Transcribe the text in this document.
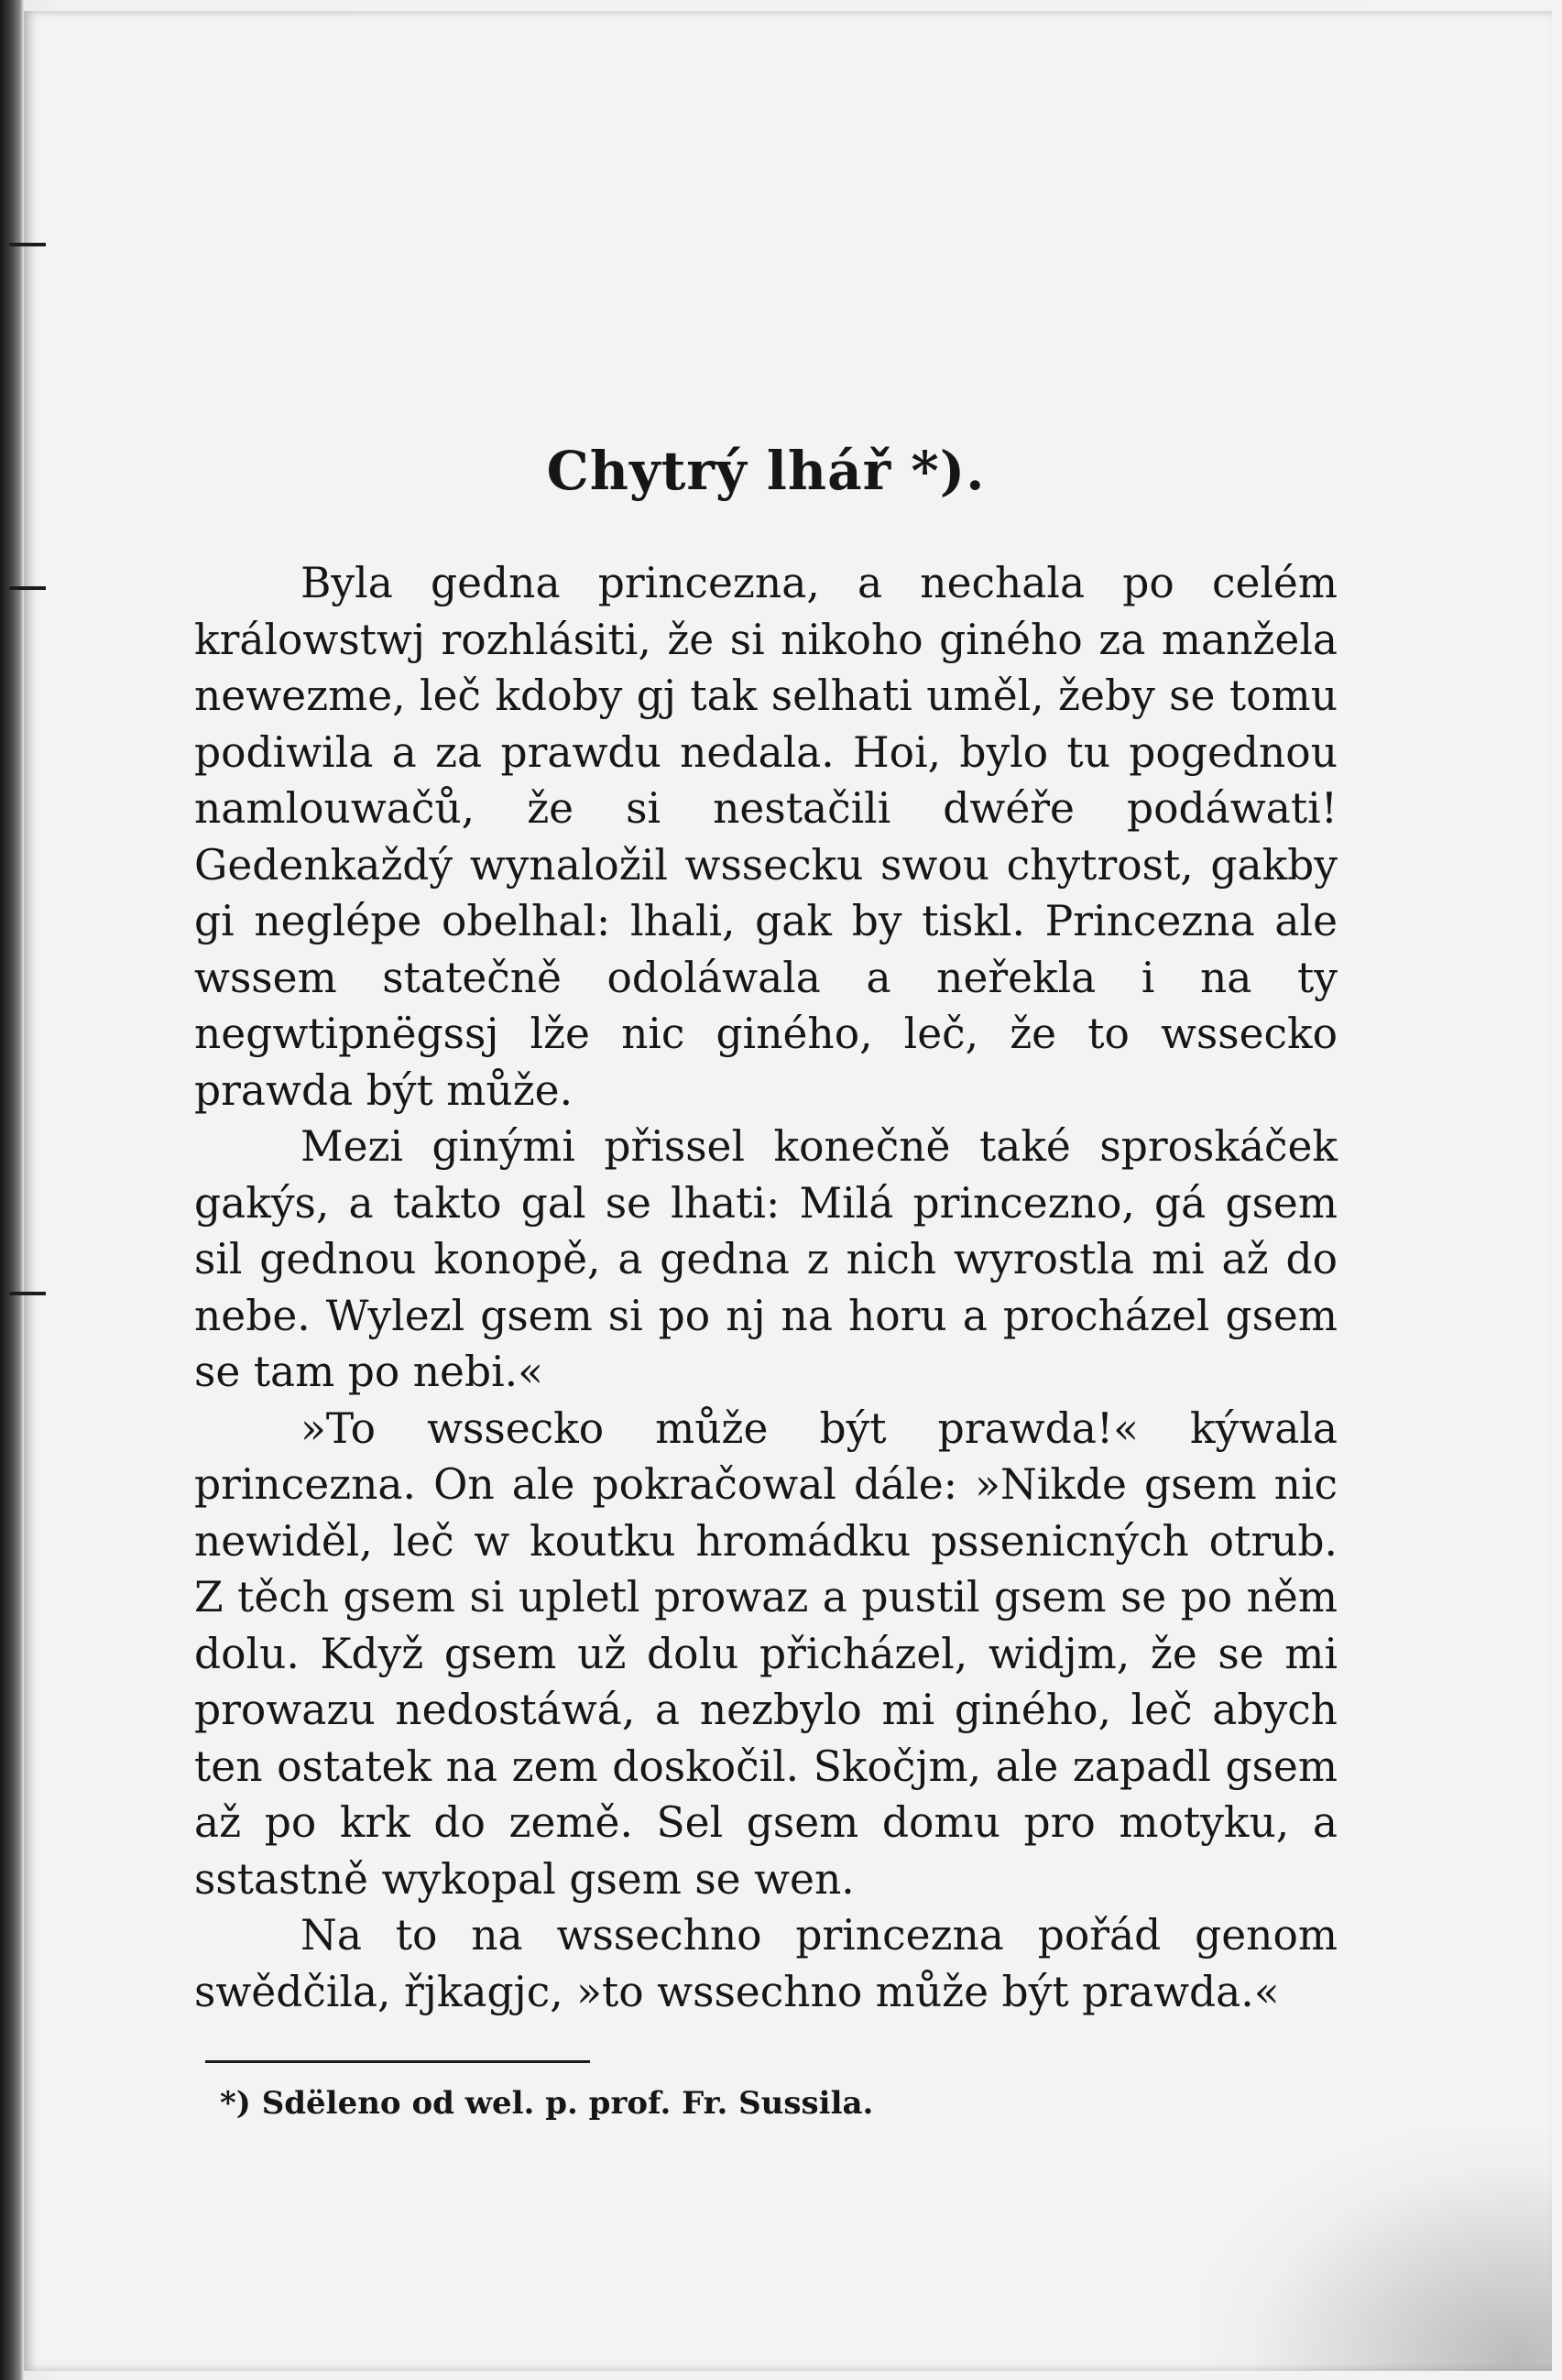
Chytrý lhář *).

Byla gedna princezna, a nechala po celém králowstwj rozhlásiti, že si nikoho giného za manžela newezme, leč kdoby gj tak selhati uměl, žeby se tomu podiwila a za prawdu nedala. Hoi, bylo tu pogednou namlouwačů, že si nestačili dwéře podáwati! Gedenkaždý wynaložil wssecku swou chytrost, gakby gi neglépe obelhal: lhali, gak by tiskl. Princezna ale wssem statečně odoláwala a neřekla i na ty negwtipnëgssj lže nic giného, leč, že to wssecko prawda být může.

Mezi ginými přissel konečně také sproskáček gakýs, a takto gal se lhati: Milá princezno, gá gsem sil gednou konopě, a gedna z nich wyrostla mi až do nebe. Wylezl gsem si po nj na horu a procházel gsem se tam po nebi.«

»To wssecko může být prawda!« kýwala princezna. On ale pokračowal dále: »Nikde gsem nic newiděl, leč w koutku hromádku pssenicných otrub. Z těch gsem si upletl prowaz a pustil gsem se po něm dolu. Když gsem už dolu přicházel, widjm, že se mi prowazu nedostáwá, a nezbylo mi giného, leč abych ten ostatek na zem doskočil. Skočjm, ale zapadl gsem až po krk do země. Sel gsem domu pro motyku, a sstastně wykopal gsem se wen.

Na to na wssechno princezna pořád genom swědčila, řjkagjc, »to wssechno může být prawda.«

*) Sdëleno od wel. p. prof. Fr. Sussila.
